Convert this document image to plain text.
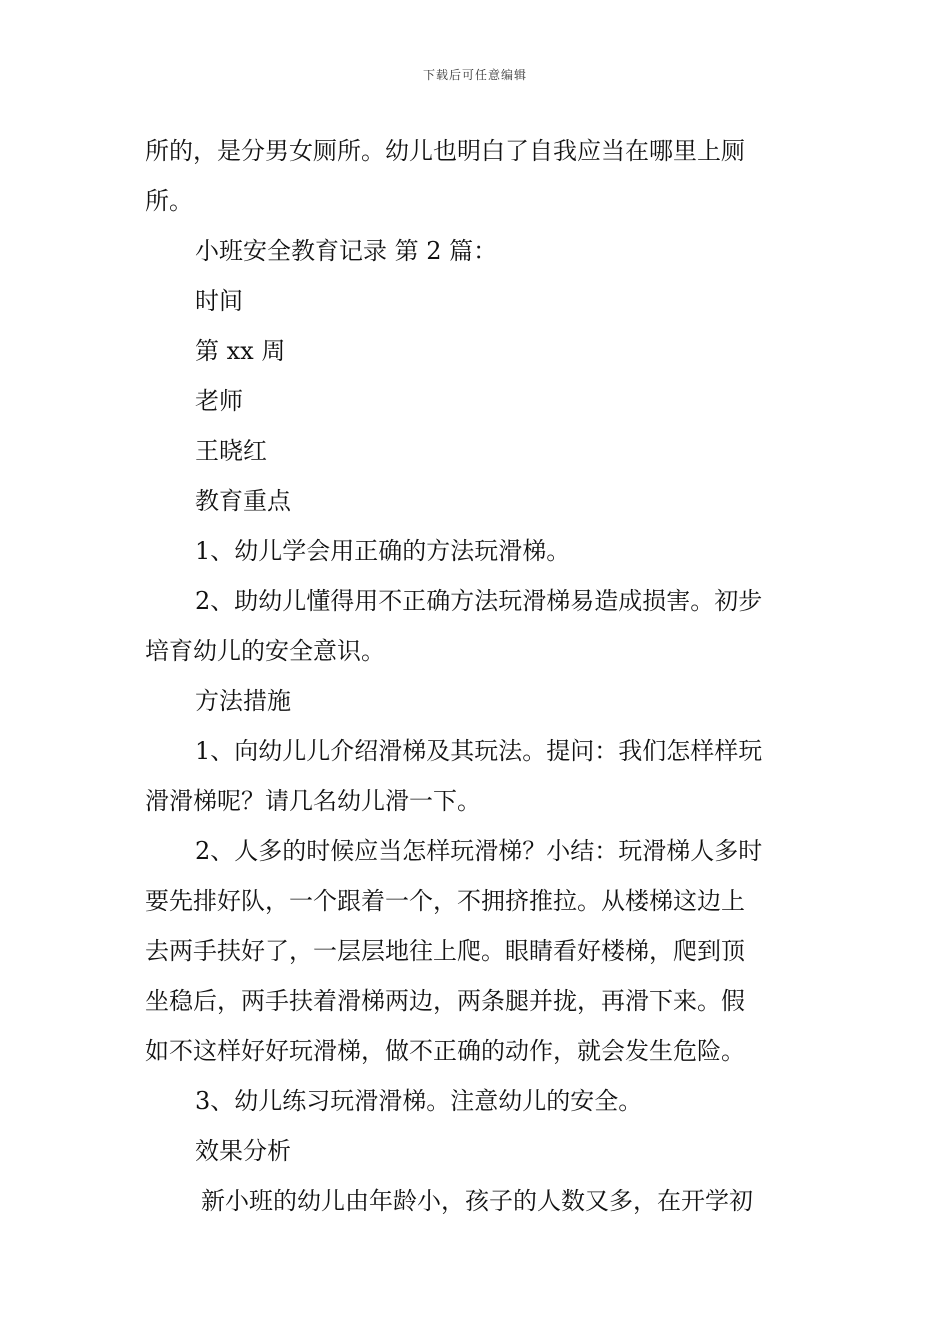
下载后可任意编辑

所的，是分男女厕所。幼儿也明白了自我应当在哪里上厕
所。

小班安全教育记录 第 2 篇：

时间

第 xx 周

老师

王晓红

教育重点

1、幼儿学会用正确的方法玩滑梯。

2、助幼儿懂得用不正确方法玩滑梯易造成损害。初步
培育幼儿的安全意识。

方法措施

1、向幼儿儿介绍滑梯及其玩法。提问：我们怎样样玩
滑滑梯呢？请几名幼儿滑一下。

2、人多的时候应当怎样玩滑梯？小结：玩滑梯人多时
要先排好队，一个跟着一个，不拥挤推拉。从楼梯这边上
去两手扶好了，一层层地往上爬。眼睛看好楼梯，爬到顶
坐稳后，两手扶着滑梯两边，两条腿并拢，再滑下来。假
如不这样好好玩滑梯，做不正确的动作，就会发生危险。

3、幼儿练习玩滑滑梯。注意幼儿的安全。

效果分析

新小班的幼儿由年龄小，孩子的人数又多，在开学初
